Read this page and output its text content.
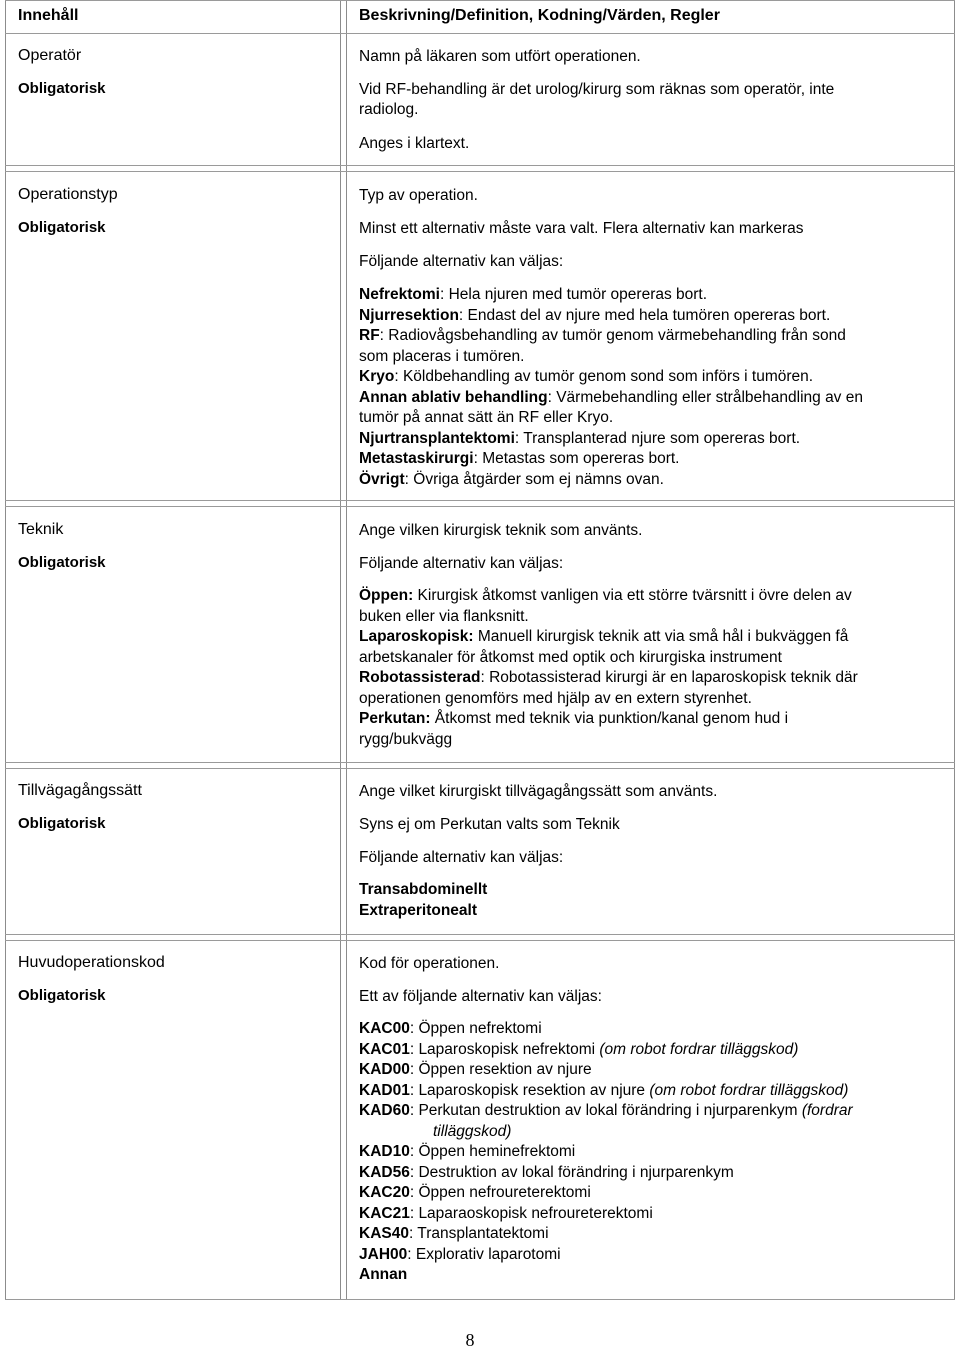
Innehåll	Beskrivning/Definition, Kodning/Värden, Regler
Operatör
Obligatorisk
Namn på läkaren som utfört operationen.
Vid RF-behandling är det urolog/kirurg som räknas som operatör, inte
radiolog.
Anges i klartext.
Operationstyp
Obligatorisk
Typ av operation.
Minst ett alternativ måste vara valt. Flera alternativ kan markeras
Följande alternativ kan väljas:
Nefrektomi: Hela njuren med tumör opereras bort.
Njurresektion: Endast del av njure med hela tumören opereras bort.
RF: Radiovågsbehandling av tumör genom värmebehandling från sond
som placeras i tumören.
Kryo: Köldbehandling av tumör genom sond som införs i tumören.
Annan ablativ behandling: Värmebehandling eller strålbehandling av en
tumör på annat sätt än RF eller Kryo.
Njurtransplantektomi: Transplanterad njure som opereras bort.
Metastaskirurgi: Metastas som opereras bort.
Övrigt: Övriga åtgärder som ej nämns ovan.
Teknik
Obligatorisk
Ange vilken kirurgisk teknik som använts.
Följande alternativ kan väljas:
Öppen: Kirurgisk åtkomst vanligen via ett större tvärsnitt i övre delen av
buken eller via flanksnitt.
Laparoskopisk: Manuell kirurgisk teknik att via små hål i bukväggen få
arbetskanaler för åtkomst med optik och kirurgiska instrument
Robotassisterad: Robotassisterad kirurgi är en laparoskopisk teknik där
operationen genomförs med hjälp av en extern styrenhet.
Perkutan: Åtkomst med teknik via punktion/kanal genom hud i
rygg/bukvägg
Tillvägagångssätt
Obligatorisk
Ange vilket kirurgiskt tillvägagångssätt som använts.
Syns ej om Perkutan valts som Teknik
Följande alternativ kan väljas:
Transabdominellt
Extraperitonealt
Huvudoperationskod
Obligatorisk
Kod för operationen.
Ett av följande alternativ kan väljas:
KAC00: Öppen nefrektomi
KAC01: Laparoskopisk nefrektomi (om robot fordrar tilläggskod)
KAD00: Öppen resektion av njure
KAD01: Laparoskopisk resektion av njure (om robot fordrar tilläggskod)
KAD60: Perkutan destruktion av lokal förändring i njurparenkym (fordrar
tilläggskod)
KAD10: Öppen heminefrektomi
KAD56: Destruktion av lokal förändring i njurparenkym
KAC20: Öppen nefroureterektomi
KAC21: Laparaoskopisk nefroureterektomi
KAS40: Transplantatektomi
JAH00: Explorativ laparotomi
Annan
8
